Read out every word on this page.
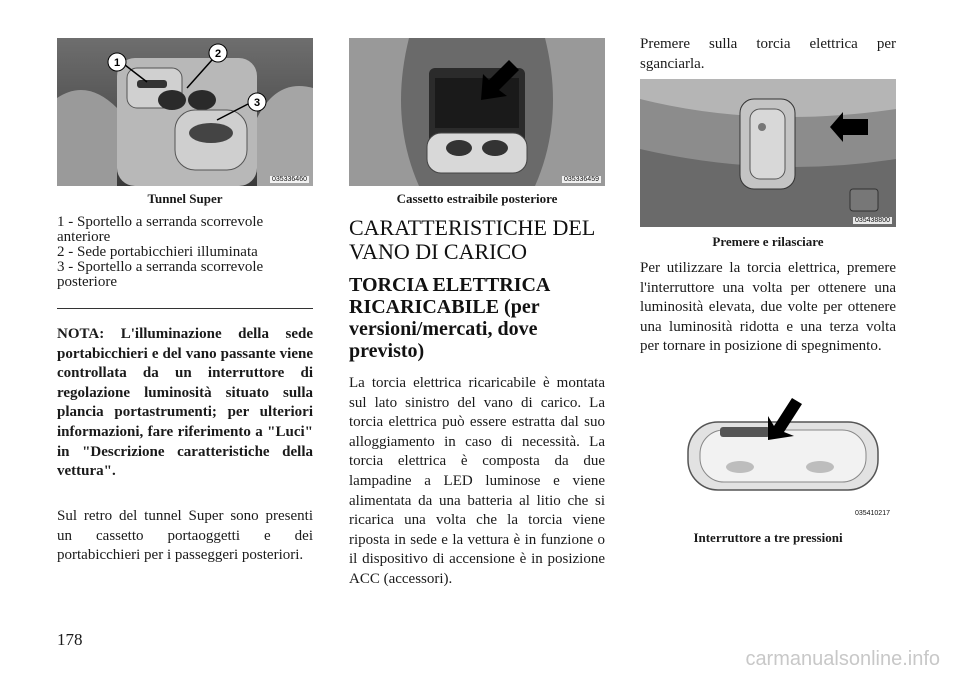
1
2
3
035336460
Tunnel Super
1 - Sportello a serranda scorrevole anteriore
2 - Sede portabicchieri illuminata
3 - Sportello a serranda scorrevole posteriore
NOTA: L'illuminazione della sede portabicchieri e del vano passante viene controllata da un interruttore di regolazione luminosità situato sulla plancia portastrumenti; per ulteriori informazioni, fare riferimento a "Luci" in "Descrizione caratteristiche della vettura".
Sul retro del tunnel Super sono presenti un cassetto portaoggetti e dei portabicchieri per i passeggeri posteriori.
035336459
Cassetto estraibile posteriore
CARATTERISTICHE DEL VANO DI CARICO
TORCIA ELETTRICA RICARICABILE (per versioni/mercati, dove previsto)
La torcia elettrica ricaricabile è montata sul lato sinistro del vano di carico. La torcia elettrica può essere estratta dal suo alloggiamento in caso di necessità. La torcia elettrica è composta da due lampadine a LED luminose e viene alimentata da una batteria al litio che si ricarica una volta che la torcia viene riposta in sede e la vettura è in funzione o il dispositivo di accensione è in posizione ACC (accessori).
Premere sulla torcia elettrica per sganciarla.
035438800
Premere e rilasciare
Per utilizzare la torcia elettrica, premere l'interruttore una volta per ottenere una luminosità elevata, due volte per ottenere una luminosità ridotta e una terza volta per tornare in posizione di spegnimento.
035410217
Interruttore a tre pressioni
178
carmanualsonline.info
